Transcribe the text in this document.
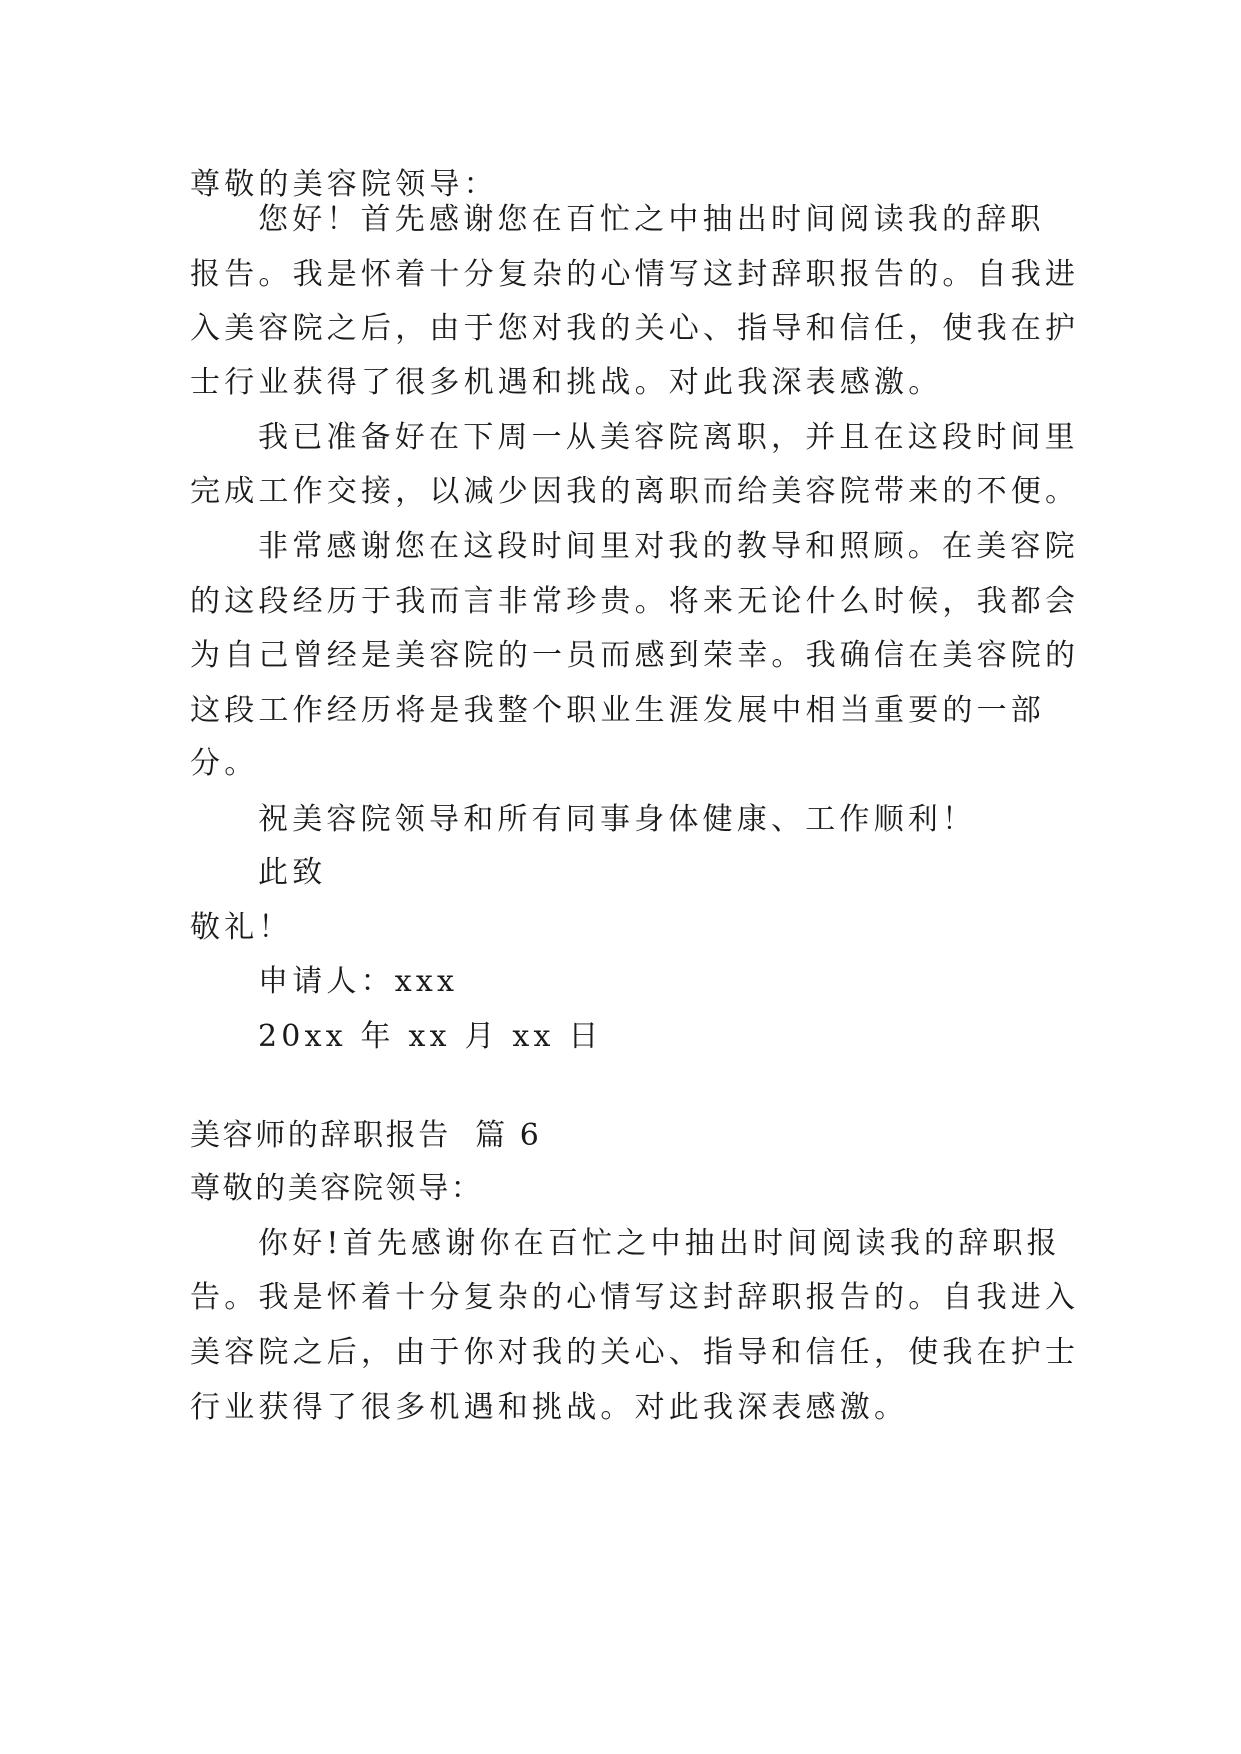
尊敬的美容院领导：
您好！首先感谢您在百忙之中抽出时间阅读我的辞职
报告。我是怀着十分复杂的心情写这封辞职报告的。自我进
入美容院之后，由于您对我的关心、指导和信任，使我在护
士行业获得了很多机遇和挑战。对此我深表感激。
我已准备好在下周一从美容院离职，并且在这段时间里
完成工作交接，以减少因我的离职而给美容院带来的不便。
非常感谢您在这段时间里对我的教导和照顾。在美容院
的这段经历于我而言非常珍贵。将来无论什么时候，我都会
为自己曾经是美容院的一员而感到荣幸。我确信在美容院的
这段工作经历将是我整个职业生涯发展中相当重要的一部
分。
祝美容院领导和所有同事身体健康、工作顺利！
此致
敬礼！
申请人：xxx
20xx 年 xx 月 xx 日
美容师的辞职报告  篇 6
尊敬的美容院领导：
你好!首先感谢你在百忙之中抽出时间阅读我的辞职报
告。我是怀着十分复杂的心情写这封辞职报告的。自我进入
美容院之后，由于你对我的关心、指导和信任，使我在护士
行业获得了很多机遇和挑战。对此我深表感激。
